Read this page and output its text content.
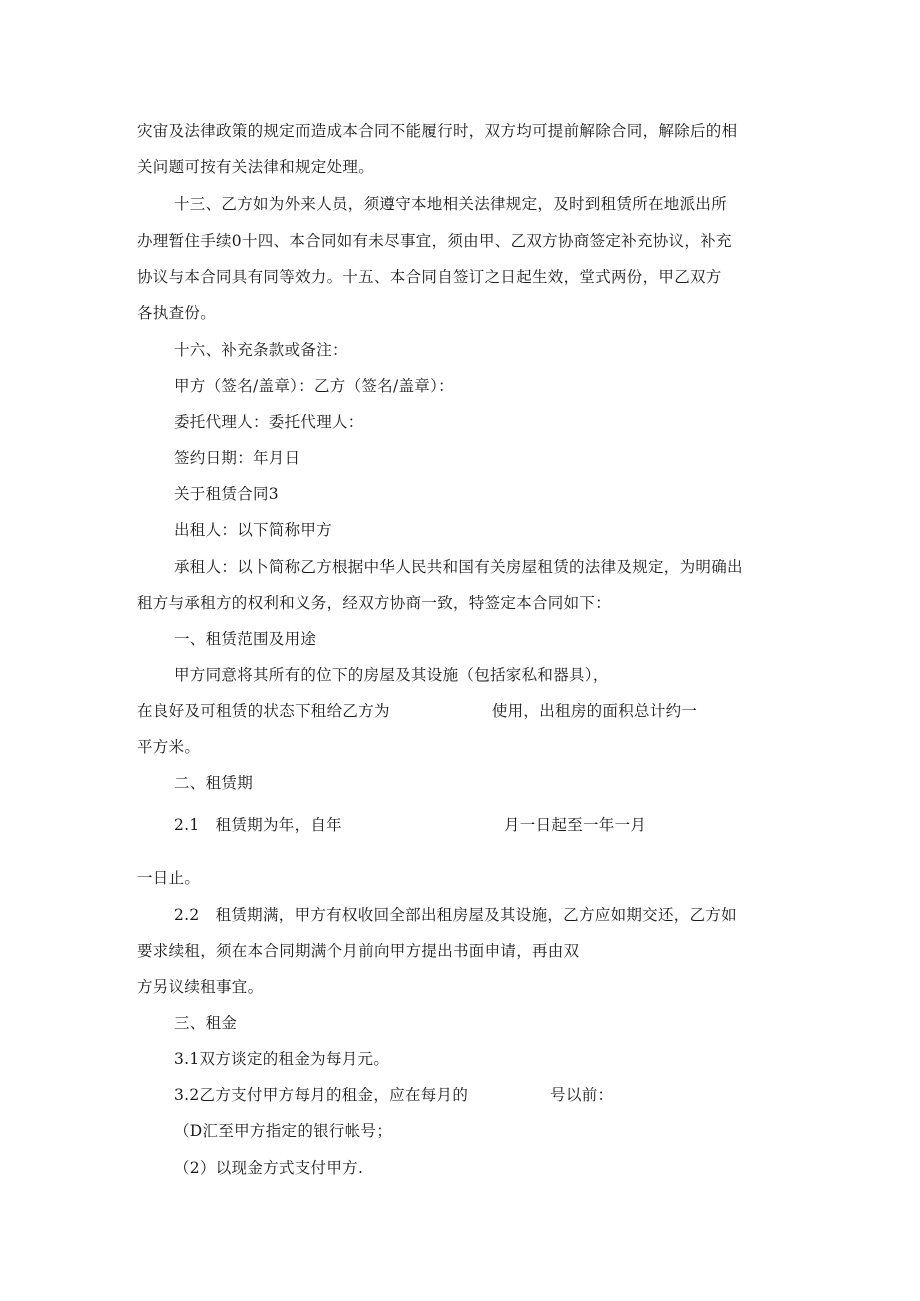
灾宙及法律政策的规定而造成本合同不能履行时，双方均可提前解除合同，解除后的相
关问题可按有关法律和规定处理。
十三、乙方如为外来人员，须遵守本地相关法律规定，及时到租赁所在地派出所
办理暂住手续0十四、本合同如有未尽事宜，须由甲、乙双方协商签定补充协议，补充
协议与本合同具有同等效力。十五、本合同自签订之日起生效，堂式两份，甲乙双方
各执查份。
十六、补充条款或备注：
甲方（签名/盖章）：乙方（签名/盖章）：
委托代理人：委托代理人：
签约日期：年月日
关于租赁合同3
出租人：以下简称甲方
承租人：以卜简称乙方根据中华人民共和国有关房屋租赁的法律及规定，为明确出
租方与承租方的权利和义务，经双方协商一致，特签定本合同如下：
一、租赁范围及用途
甲方同意将其所有的位下的房屋及其设施（包括家私和器具），
在良好及可租赁的状态下租给乙方为	使用，出租房的面积总计约一
平方米。
二、租赁期
2.1 租赁期为年，自年	月一日起至一年一月
一日止。
2.2 租赁期满，甲方有权收回全部出租房屋及其设施，乙方应如期交还，乙方如
要求续租，须在本合同期满个月前向甲方提出书面申请，再由双
方另议续租事宜。
三、租金
3.1双方谈定的租金为每月元。
3.2乙方支付甲方每月的租金，应在每月的	号以前：
（D汇至甲方指定的银行帐号；
（2）以现金方式支付甲方.
